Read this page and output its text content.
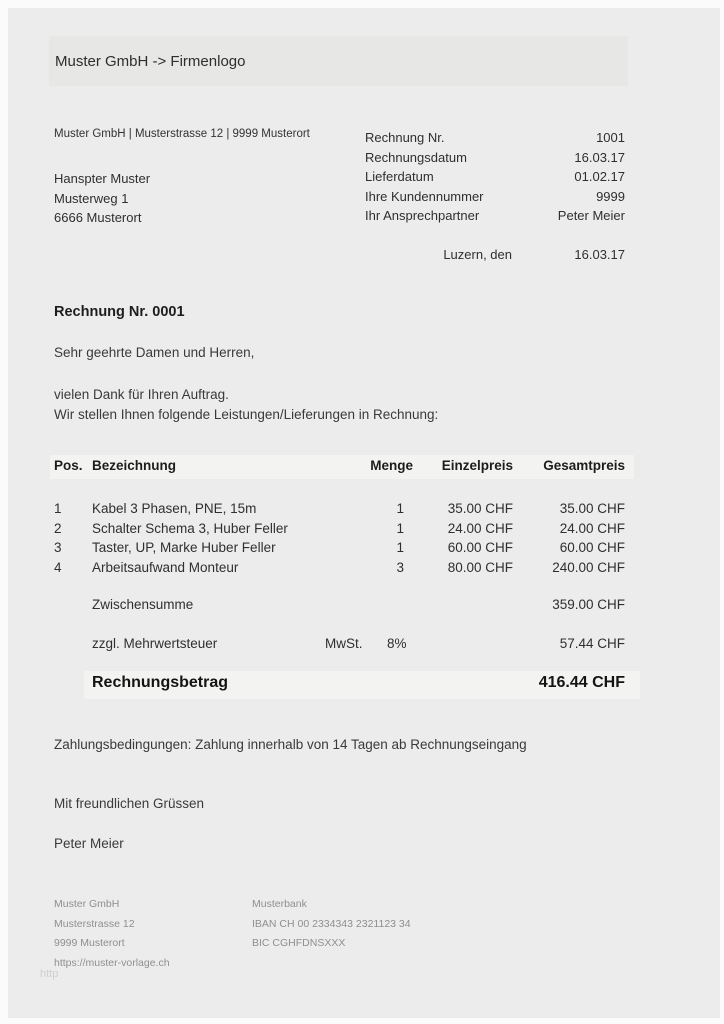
Muster GmbH -> Firmenlogo
Muster GmbH | Musterstrasse 12 | 9999 Musterort
Hanspter Muster
Musterweg 1
6666 Musterort
Rechnung Nr.	1001
Rechnungsdatum	16.03.17
Lieferdatum	01.02.17
Ihre Kundennummer	9999
Ihr Ansprechpartner	Peter Meier
Luzern, den	16.03.17
Rechnung Nr. 0001
Sehr geehrte Damen und Herren,
vielen Dank für Ihren Auftrag.
Wir stellen Ihnen folgende Leistungen/Lieferungen in Rechnung:
Pos. Bezeichnung	Menge	Einzelpreis	Gesamtpreis
1	Kabel 3 Phasen, PNE, 15m	1	35.00 CHF	35.00 CHF
2	Schalter Schema 3, Huber Feller	1	24.00 CHF	24.00 CHF
3	Taster, UP, Marke Huber Feller	1	60.00 CHF	60.00 CHF
4	Arbeitsaufwand Monteur	3	80.00 CHF	240.00 CHF
Zwischensumme	359.00 CHF
zzgl. Mehrwertsteuer	MwSt.	8%	57.44 CHF
Rechnungsbetrag	416.44 CHF
Zahlungsbedingungen: Zahlung innerhalb von 14 Tagen ab Rechnungseingang
Mit freundlichen Grüssen
Peter Meier
Muster GmbH
Musterstrasse 12
9999 Musterort
https://muster-vorlage.ch
Musterbank
IBAN CH 00 2334343 2321123 34
BIC CGHFDNSXXX
http
